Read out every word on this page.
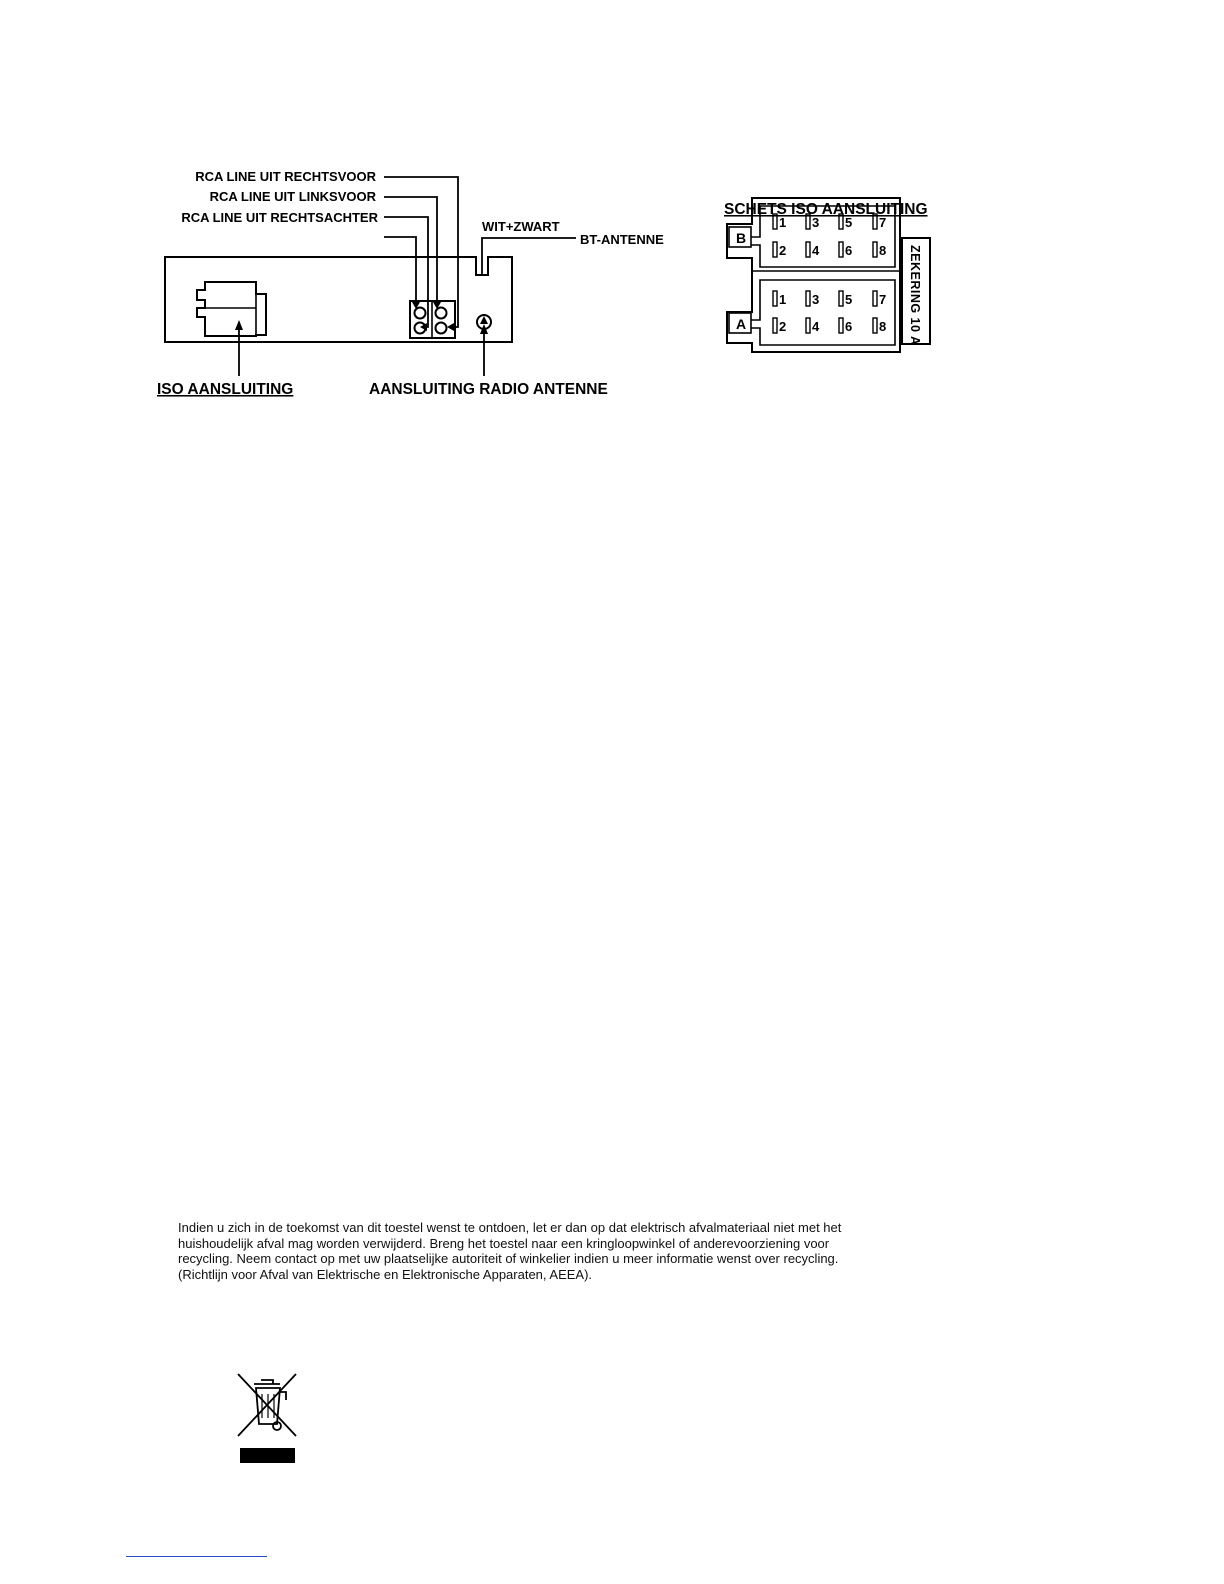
RCA LINE UIT RECHTSVOOR
RCA LINE UIT LINKSVOOR
RCA LINE UIT RECHTSACHTER
WIT+ZWART
BT-ANTENNE
ISO AANSLUITING	AANSLUITING RADIO ANTENNE
B
A
1 3 5 7
2 4 6 8
1 3 5 7
2 4 6 8 ZEKERING 10 A
SCHETS ISO AANSLUITING

Indien u zich in de toekomst van dit toestel wenst te ontdoen, let er dan op dat elektrisch afvalmateriaal niet met het
huishoudelijk afval mag worden verwijderd. Breng het toestel naar een kringloopwinkel of anderevoorziening voor
recycling. Neem contact op met uw plaatselijke autoriteit of winkelier indien u meer informatie wenst over recycling.
(Richtlijn voor Afval van Elektrische en Elektronische Apparaten, AEEA).
